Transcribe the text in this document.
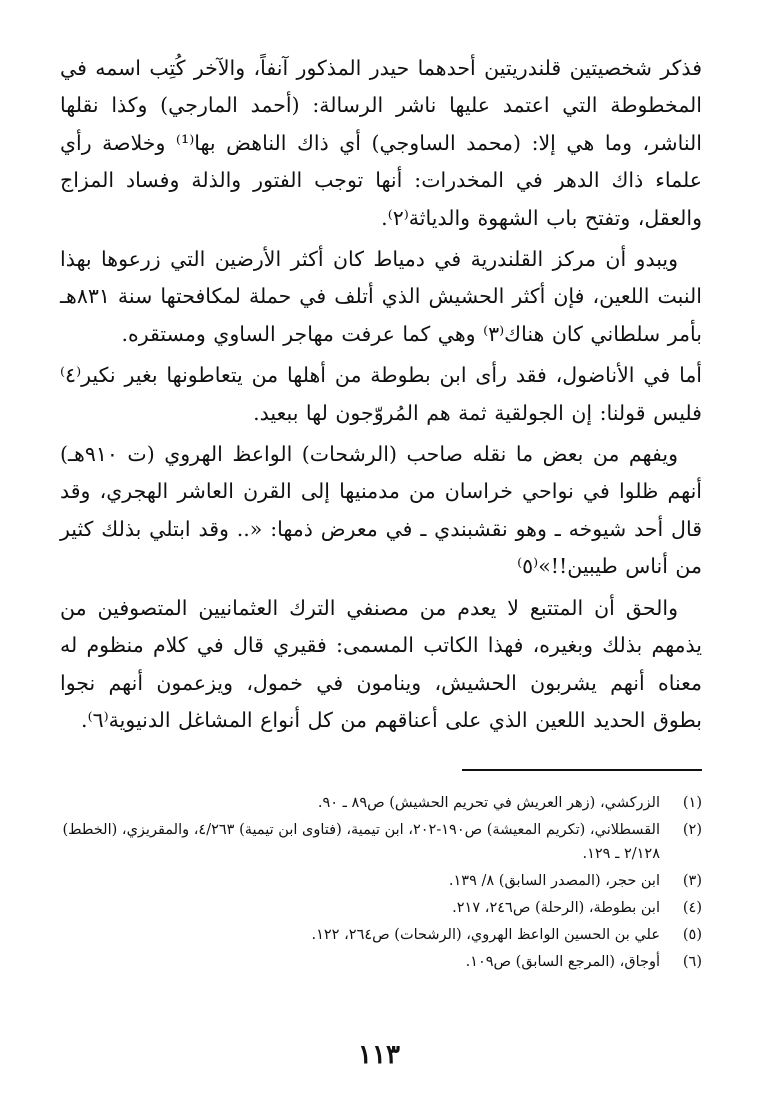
فذكر شخصيتين قلندريتين أحدهما حيدر المذكور آنفاً، والآخر كُتِب اسمه في المخطوطة التي اعتمد عليها ناشر الرسالة: (أحمد المارجي) وكذا نقلها الناشر، وما هي إلا: (محمد الساوجي) أي ذاك الناهض بها⁽¹⁾ وخلاصة رأي علماء ذاك الدهر في المخدرات: أنها توجب الفتور والذلة وفساد المزاج والعقل، وتفتح باب الشهوة والدياثة⁽٢⁾.

ويبدو أن مركز القلندرية في دمياط كان أكثر الأرضين التي زرعوها بهذا النبت اللعين، فإن أكثر الحشيش الذي أتلف في حملة لمكافحتها سنة ٨٣١هـ بأمر سلطاني كان هناك⁽٣⁾ وهي كما عرفت مهاجر الساوي ومستقره.

أما في الأناضول، فقد رأى ابن بطوطة من أهلها من يتعاطونها بغير نكير⁽٤⁾ فليس قولنا: إن الجولقية ثمة هم المُروّجون لها ببعيد.

ويفهم من بعض ما نقله صاحب (الرشحات) الواعظ الهروي (ت ٩١٠هـ) أنهم ظلوا في نواحي خراسان من مدمنيها إلى القرن العاشر الهجري، وقد قال أحد شيوخه ـ وهو نقشبندي ـ في معرض ذمها: «.. وقد ابتلي بذلك كثير من أناس طيبين!!»⁽٥⁾

والحق أن المتتبع لا يعدم من مصنفي الترك العثمانيين المتصوفين من يذمهم بذلك وبغيره، فهذا الكاتب المسمى: فقيري قال في كلام منظوم له معناه أنهم يشربون الحشيش، وينامون في خمول، ويزعمون أنهم نجوا بطوق الحديد اللعين الذي على أعناقهم من كل أنواع المشاغل الدنيوية⁽٦⁾.

(١)
الزركشي، (زهر العريش في تحريم الحشيش) ص٨٩ ـ ٩٠.
(٢)
القسطلاني، (تكريم المعيشة) ص١٩٠-٢٠٢، ابن تيمية، (فتاوى ابن تيمية) ٤/٢٦٣، والمقريزي، (الخطط) ٢/١٢٨ ـ ١٢٩.
(٣)
ابن حجر، (المصدر السابق) ٨/ ١٣٩.
(٤)
ابن بطوطة، (الرحلة) ص٢٤٦، ٢١٧.
(٥)
علي بن الحسين الواعظ الهروي، (الرشحات) ص٢٦٤، ١٢٢.
(٦)
أوجاق، (المرجع السابق) ص١٠٩.
١١٣
